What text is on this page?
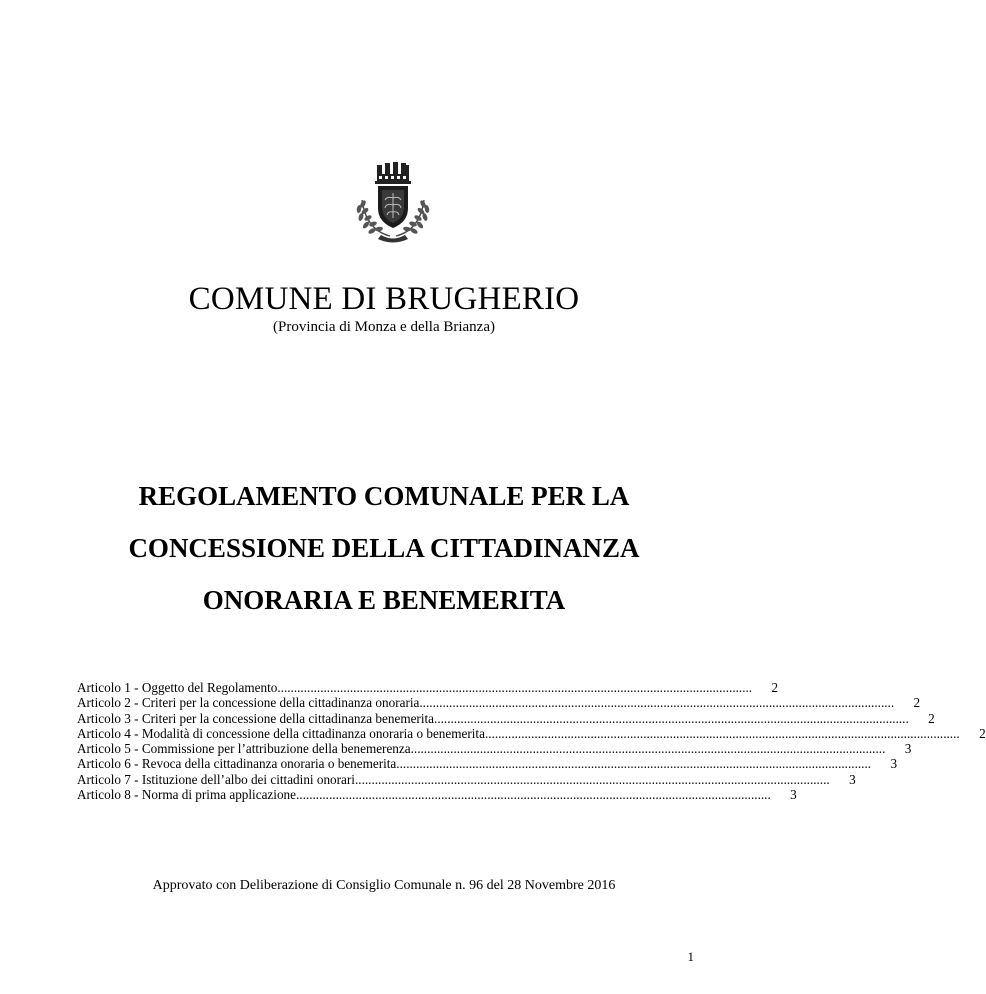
COMUNE DI BRUGHERIO
(Provincia di Monza e della Brianza)
REGOLAMENTO COMUNALE PER LA
CONCESSIONE DELLA CITTADINANZA
ONORARIA E BENEMERITA
Articolo 1 - Oggetto del Regolamento ................................................................................................................................................ 2
Articolo 2 - Criteri per la concessione della cittadinanza onoraria ................................................................................................................................................ 2
Articolo 3 - Criteri per la concessione della cittadinanza benemerita ................................................................................................................................................ 2
Articolo 4 - Modalità di concessione della cittadinanza onoraria o benemerita ................................................................................................................................................ 2
Articolo 5 - Commissione per l’attribuzione della benemerenza ................................................................................................................................................ 3
Articolo 6 - Revoca della cittadinanza onoraria o benemerita ................................................................................................................................................ 3
Articolo 7 - Istituzione dell’albo dei cittadini onorari ................................................................................................................................................ 3
Articolo 8 - Norma di prima applicazione ................................................................................................................................................ 3
Approvato con Deliberazione di Consiglio Comunale n. 96 del 28 Novembre 2016
1
